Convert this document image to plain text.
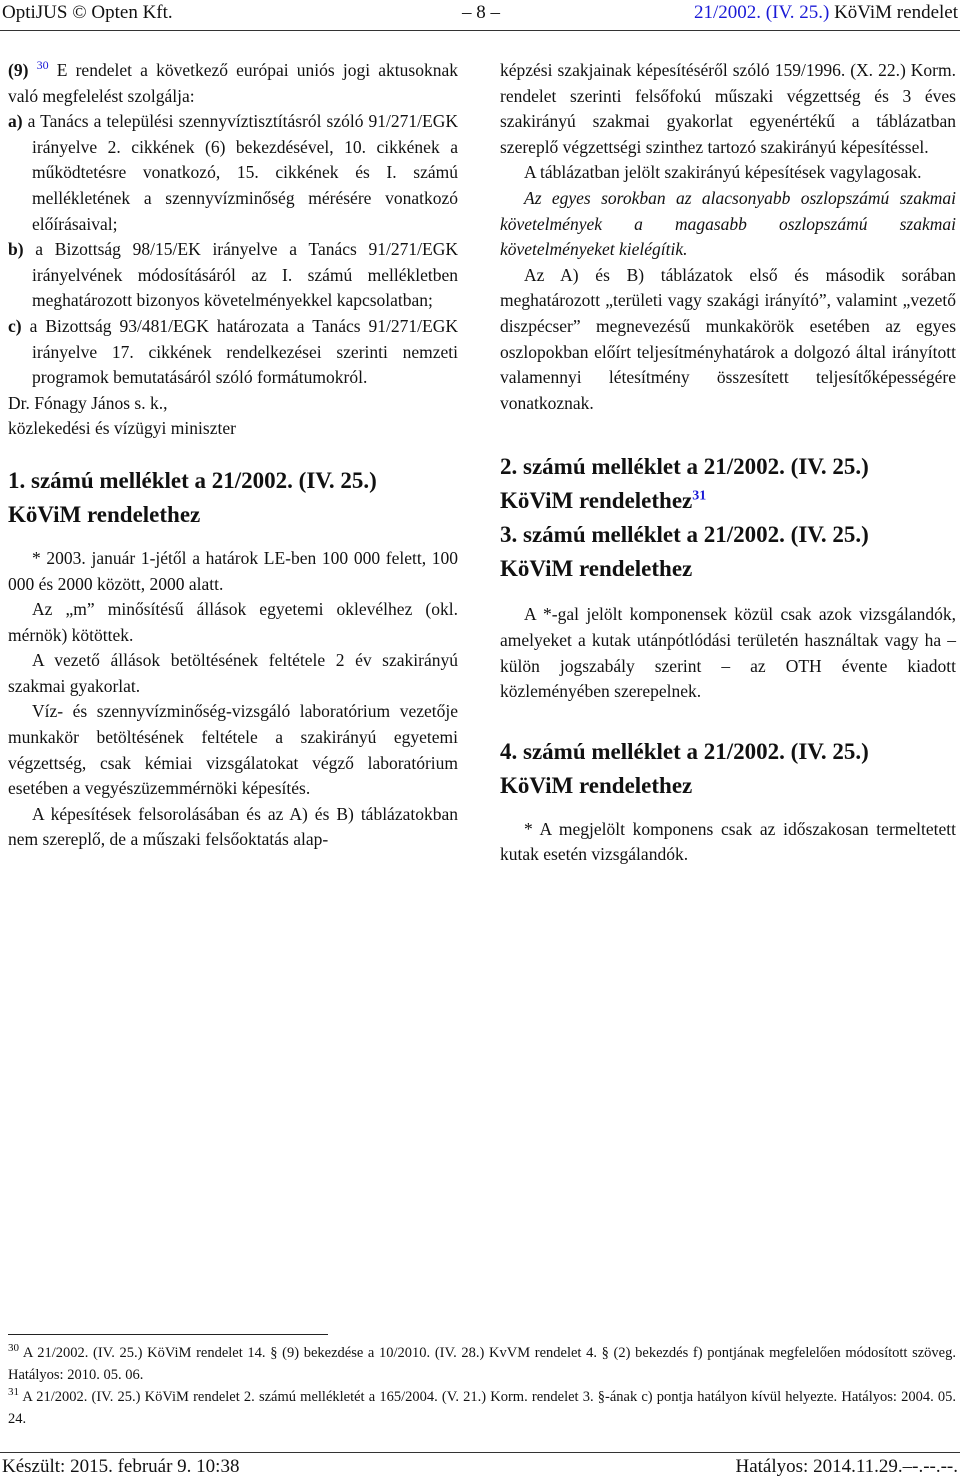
OptiJUS © Opten Kft.	– 8 –	21/2002. (IV. 25.) KöViM rendelet

(9) $^{30}$ E rendelet a következő európai uniós jogi aktusoknak való megfelelést szolgálja:

a) a Tanács a települési szennyvíztisztításról szóló 91/271/EGK irányelve 2. cikkének (6) bekezdésével, 10. cikkének a működtetésre vonatkozó, 15. cikkének és I. számú mellékletének a szennyvízminőség mérésére vonatkozó előírásaival;

b) a Bizottság 98/15/EK irányelve a Tanács 91/271/EGK irányelvének módosításáról az I. számú mellékletben meghatározott bizonyos követelményekkel kapcsolatban;

c) a Bizottság 93/481/EGK határozata a Tanács 91/271/EGK irányelve 17. cikkének rendelkezései szerinti nemzeti programok bemutatásáról szóló formátumokról.

Dr. Fónagy János s. k.,

közlekedési és vízügyi miniszter

1. számú melléklet a 21/2002. (IV. 25.)

KöViM rendelethez

* 2003. január 1-jétől a határok LE-ben 100 000 felett, 100 000 és 2000 között, 2000 alatt.

Az „m” minősítésű állások egyetemi oklevélhez (okl. mérnök) kötöttek.

A vezető állások betöltésének feltétele 2 év szakirányú szakmai gyakorlat.

Víz- és szennyvízminőség-vizsgáló laboratórium vezetője munkakör betöltésének feltétele a szakirányú egyetemi végzettség, csak kémiai vizsgálatokat végző laboratórium esetében a vegyészüzemmérnöki képesítés.

A képesítések felsorolásában és az A) és B) táblázatokban nem szereplő, de a műszaki felsőoktatás alap-

képzési szakjainak képesítéséről szóló 159/1996. (X. 22.) Korm. rendelet szerinti felsőfokú műszaki végzettség és 3 éves szakirányú szakmai gyakorlat egyenértékű a táblázatban szereplő végzettségi szinthez tartozó szakirányú képesítéssel.

A táblázatban jelölt szakirányú képesítések vagylagosak.

Az egyes sorokban az alacsonyabb oszlopszámú szakmai követelmények a magasabb oszlopszámú szakmai követelményeket kielégítik.

Az A) és B) táblázatok első és második sorában meghatározott „területi vagy szakági irányító”, valamint „vezető diszpécser” megnevezésű munkakörök esetében az egyes oszlopokban előírt teljesítményhatárok a dolgozó által irányított valamennyi létesítmény összesített teljesítőképességére vonatkoznak.

2. számú melléklet a 21/2002. (IV. 25.)

KöViM rendelethez$^{31}$

3. számú melléklet a 21/2002. (IV. 25.)

KöViM rendelethez

A *-gal jelölt komponensek közül csak azok vizsgálandók, amelyeket a kutak utánpótlódási területén használtak vagy ha – külön jogszabály szerint – az OTH évente kiadott közleményében szerepelnek.

4. számú melléklet a 21/2002. (IV. 25.)

KöViM rendelethez

* A megjelölt komponens csak az időszakosan termeltetett kutak esetén vizsgálandók.

$^{30}$ A 21/2002. (IV. 25.) KöViM rendelet 14. § (9) bekezdése a 10/2010. (IV. 28.) KvVM rendelet 4. § (2) bekezdés f) pontjának megfelelően módosított szöveg. Hatályos: 2010. 05. 06.
$^{31}$ A 21/2002. (IV. 25.) KöViM rendelet 2. számú mellékletét a 165/2004. (V. 21.) Korm. rendelet 3. §-ának c) pontja hatályon kívül helyezte. Hatályos: 2004. 05. 24.
Készült: 2015. február 9. 10:38	Hatályos: 2014.11.29.–-.--.--.
